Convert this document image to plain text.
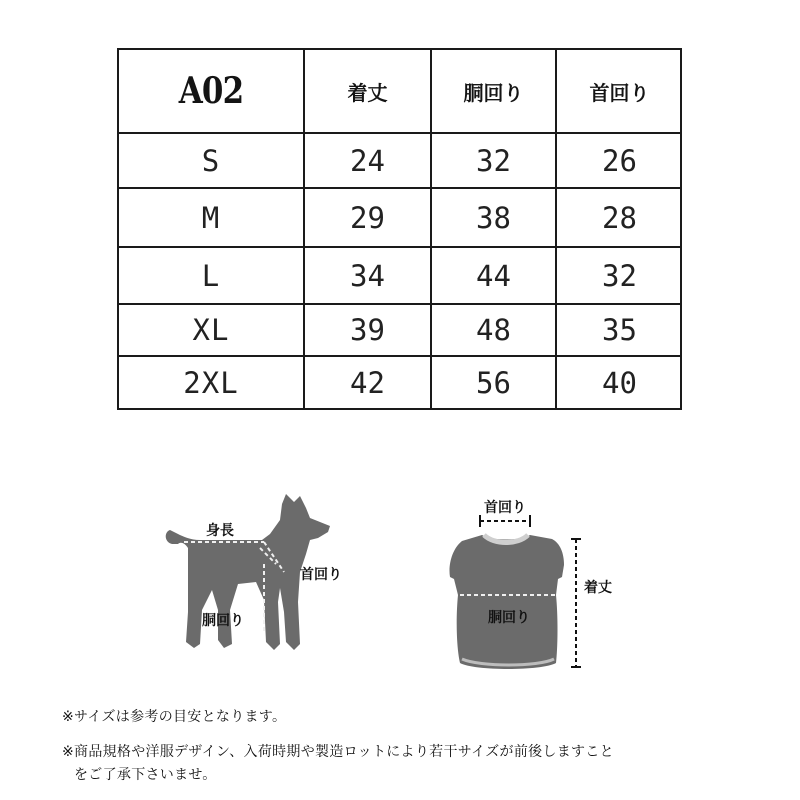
A02	着丈	胴回り	首回り
S	24	32	26
M	29	38	28
L	34	44	32
XL	39	48	35
2XL	42	56	40
身長
首回り
胴回り
首回り
胴回り
着丈
※サイズは参考の目安となります。
※商品規格や洋服デザイン、入荷時期や製造ロットにより若干サイズが前後しますこと
をご了承下さいませ。
